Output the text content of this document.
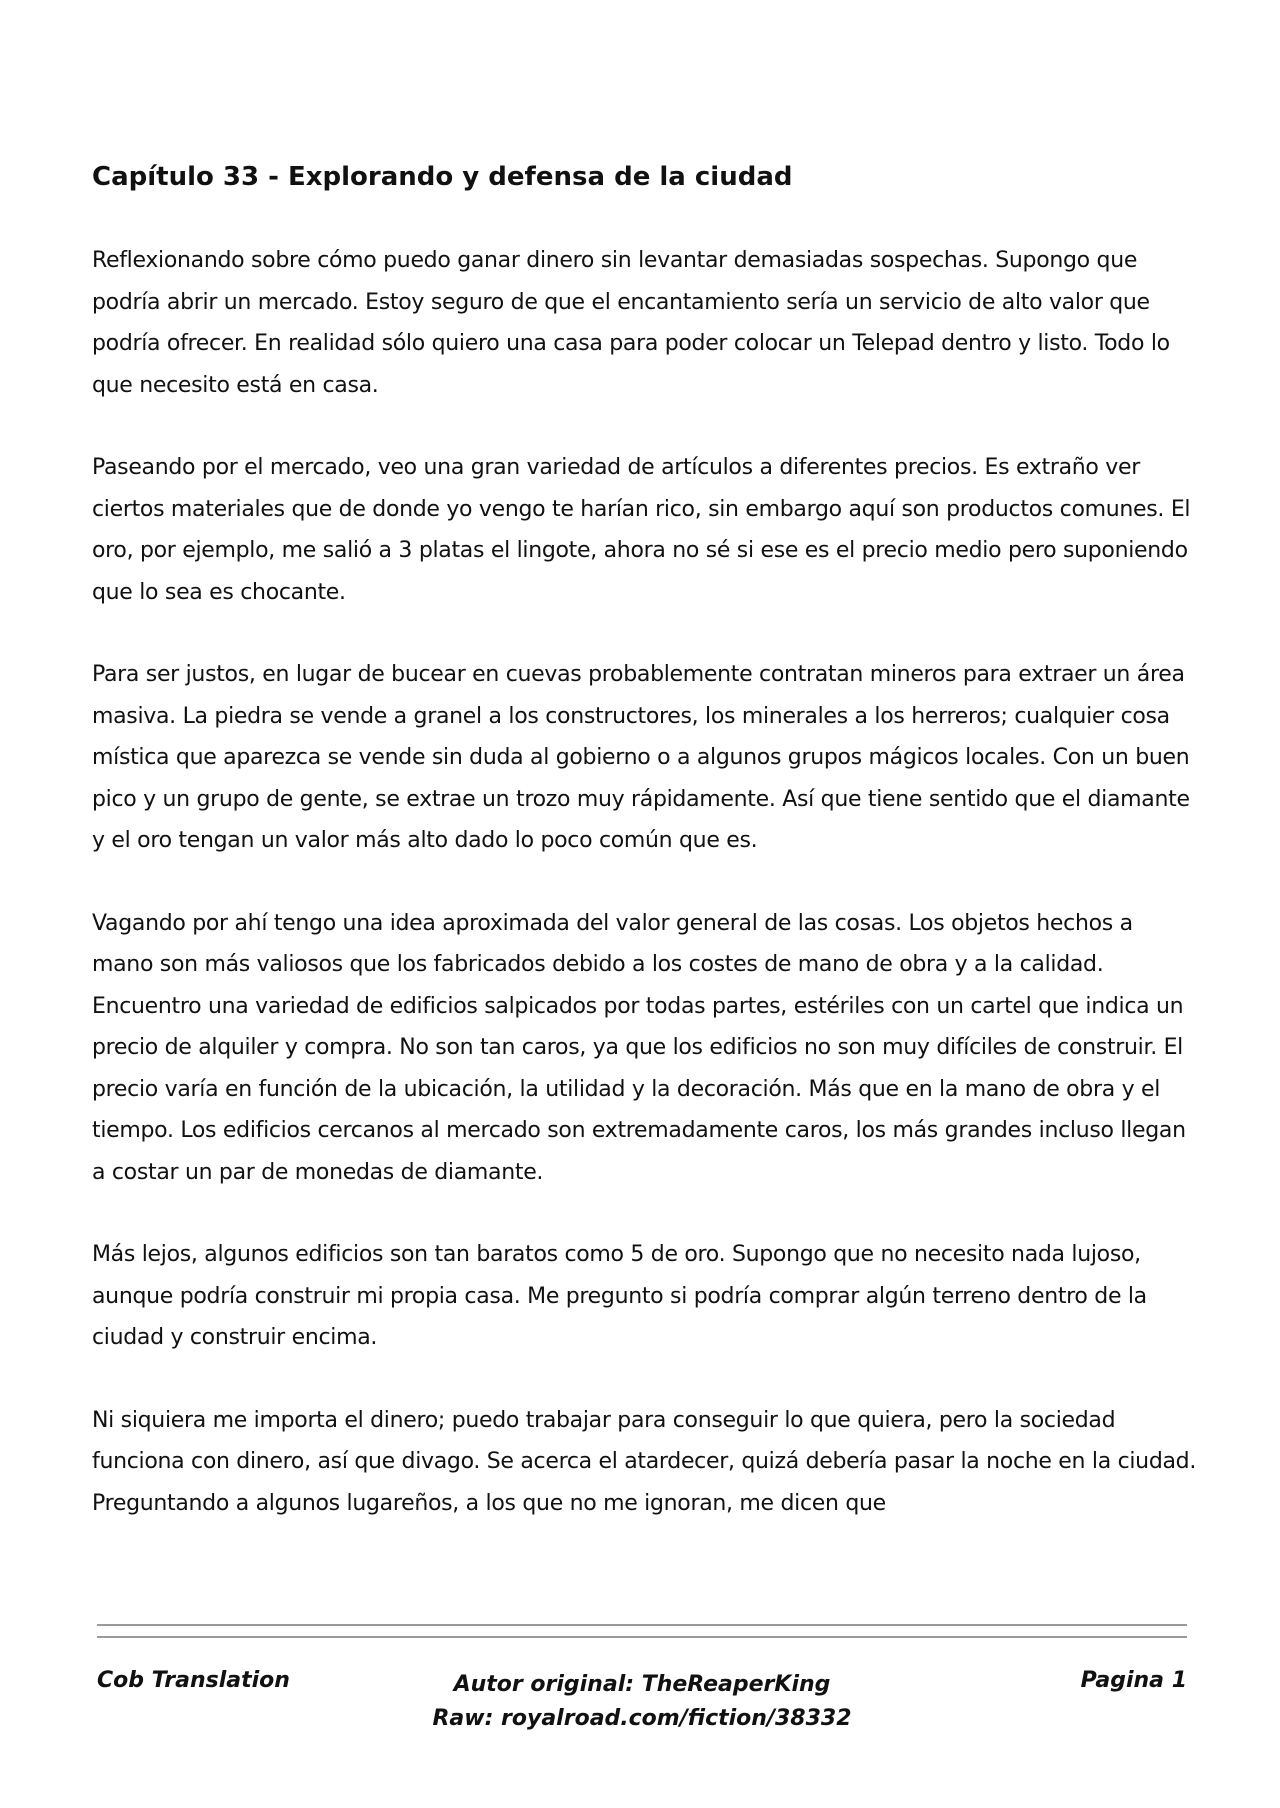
Capítulo 33 - Explorando y defensa de la ciudad

Reflexionando sobre cómo puedo ganar dinero sin levantar demasiadas sospechas. Supongo que podría abrir un mercado. Estoy seguro de que el encantamiento sería un servicio de alto valor que podría ofrecer. En realidad sólo quiero una casa para poder colocar un Telepad dentro y listo. Todo lo que necesito está en casa.

Paseando por el mercado, veo una gran variedad de artículos a diferentes precios. Es extraño ver ciertos materiales que de donde yo vengo te harían rico, sin embargo aquí son productos comunes. El oro, por ejemplo, me salió a 3 platas el lingote, ahora no sé si ese es el precio medio pero suponiendo que lo sea es chocante.

Para ser justos, en lugar de bucear en cuevas probablemente contratan mineros para extraer un área masiva. La piedra se vende a granel a los constructores, los minerales a los herreros; cualquier cosa mística que aparezca se vende sin duda al gobierno o a algunos grupos mágicos locales. Con un buen pico y un grupo de gente, se extrae un trozo muy rápidamente. Así que tiene sentido que el diamante y el oro tengan un valor más alto dado lo poco común que es.

Vagando por ahí tengo una idea aproximada del valor general de las cosas. Los objetos hechos a mano son más valiosos que los fabricados debido a los costes de mano de obra y a la calidad. Encuentro una variedad de edificios salpicados por todas partes, estériles con un cartel que indica un precio de alquiler y compra. No son tan caros, ya que los edificios no son muy difíciles de construir. El precio varía en función de la ubicación, la utilidad y la decoración. Más que en la mano de obra y el tiempo. Los edificios cercanos al mercado son extremadamente caros, los más grandes incluso llegan a costar un par de monedas de diamante.

Más lejos, algunos edificios son tan baratos como 5 de oro. Supongo que no necesito nada lujoso, aunque podría construir mi propia casa. Me pregunto si podría comprar algún terreno dentro de la ciudad y construir encima.

Ni siquiera me importa el dinero; puedo trabajar para conseguir lo que quiera, pero la sociedad funciona con dinero, así que divago. Se acerca el atardecer, quizá debería pasar la noche en la ciudad. Preguntando a algunos lugareños, a los que no me ignoran, me dicen que

Cob Translation	Autor original: TheReaperKing
Raw: royalroad.com/fiction/38332
Pagina 1
